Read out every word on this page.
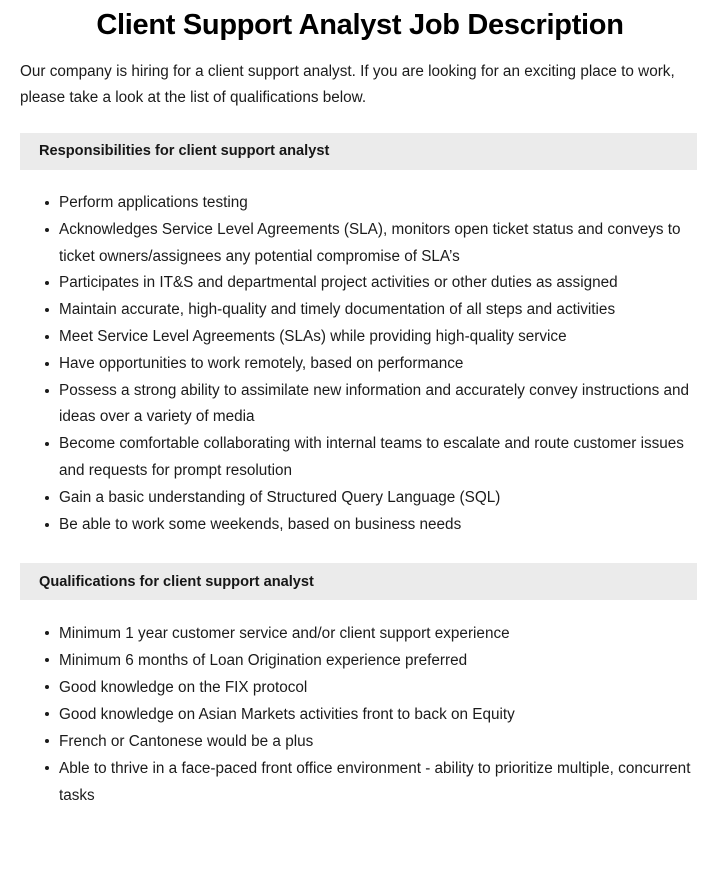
Client Support Analyst Job Description

Our company is hiring for a client support analyst. If you are looking for an exciting place to work, please take a look at the list of qualifications below.

Responsibilities for client support analyst
Perform applications testing
Acknowledges Service Level Agreements (SLA), monitors open ticket status and conveys to ticket owners/assignees any potential compromise of SLA’s
Participates in IT&S and departmental project activities or other duties as assigned
Maintain accurate, high-quality and timely documentation of all steps and activities
Meet Service Level Agreements (SLAs) while providing high-quality service
Have opportunities to work remotely, based on performance
Possess a strong ability to assimilate new information and accurately convey instructions and ideas over a variety of media
Become comfortable collaborating with internal teams to escalate and route customer issues and requests for prompt resolution
Gain a basic understanding of Structured Query Language (SQL)
Be able to work some weekends, based on business needs
Qualifications for client support analyst
Minimum 1 year customer service and/or client support experience
Minimum 6 months of Loan Origination experience preferred
Good knowledge on the FIX protocol
Good knowledge on Asian Markets activities front to back on Equity
French or Cantonese would be a plus
Able to thrive in a face-paced front office environment - ability to prioritize multiple, concurrent tasks
